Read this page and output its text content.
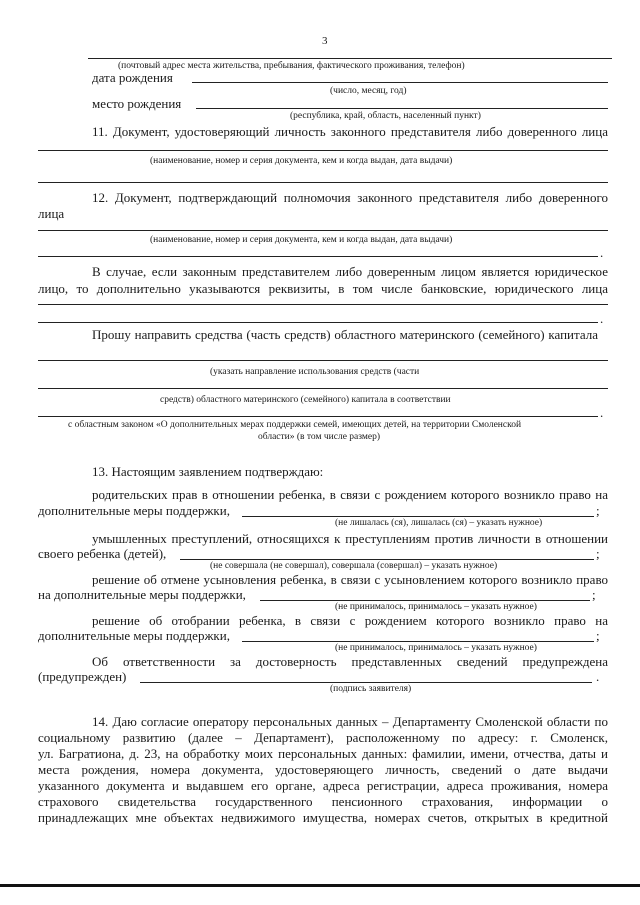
3
(почтовый адрес места жительства, пребывания, фактического проживания, телефон)
дата рождения
(число, месяц, год)
место рождения
(республика, край, область, населенный пункт)
11. Документ, удостоверяющий личность законного представителя либо доверенного лица
(наименование, номер и серия документа, кем и когда выдан, дата выдачи)
12. Документ, подтверждающий полномочия законного представителя либо доверенного
лица
(наименование, номер и серия документа, кем и когда выдан, дата выдачи)
.
В случае, если законным представителем либо доверенным лицом является юридическое
лицо, то дополнительно указываются реквизиты, в том числе банковские, юридического лица
.
Прошу направить средства (часть средств) областного материнского (семейного) капитала
(указать направление использования средств (части
средств) областного материнского (семейного) капитала в соответствии
.
с областным законом «О дополнительных мерах поддержки семей, имеющих детей, на территории Смоленской
области» (в том числе размер)
13. Настоящим заявлением подтверждаю:
родительских прав в отношении ребенка, в связи с рождением которого возникло право на
дополнительные меры поддержки,	;
(не лишалась (ся), лишалась (ся) – указать нужное)
умышленных преступлений, относящихся к преступлениям против личности в отношении
своего ребенка (детей),	;
(не совершала (не совершал), совершала (совершал) – указать нужное)
решение об отмене усыновления ребенка, в связи с усыновлением которого возникло право
на дополнительные меры поддержки,	;
(не принималось, принималось – указать нужное)
решение об отобрании ребенка, в связи с рождением которого возникло право на
дополнительные меры поддержки,	;
(не принималось, принималось – указать нужное)
Об ответственности за достоверность представленных сведений предупреждена
(предупрежден)	.
(подпись заявителя)
14. Даю согласие оператору персональных данных – Департаменту Смоленской области по
социальному развитию (далее – Департамент), расположенному по адресу: г. Смоленск,
ул. Багратиона, д. 23, на обработку моих персональных данных: фамилии, имени, отчества, даты и
места рождения, номера документа, удостоверяющего личность, сведений о дате выдачи
указанного документа и выдавшем его органе, адреса регистрации, адреса проживания, номера
страхового свидетельства государственного пенсионного страхования, информации о
принадлежащих мне объектах недвижимого имущества, номерах счетов, открытых в кредитной
